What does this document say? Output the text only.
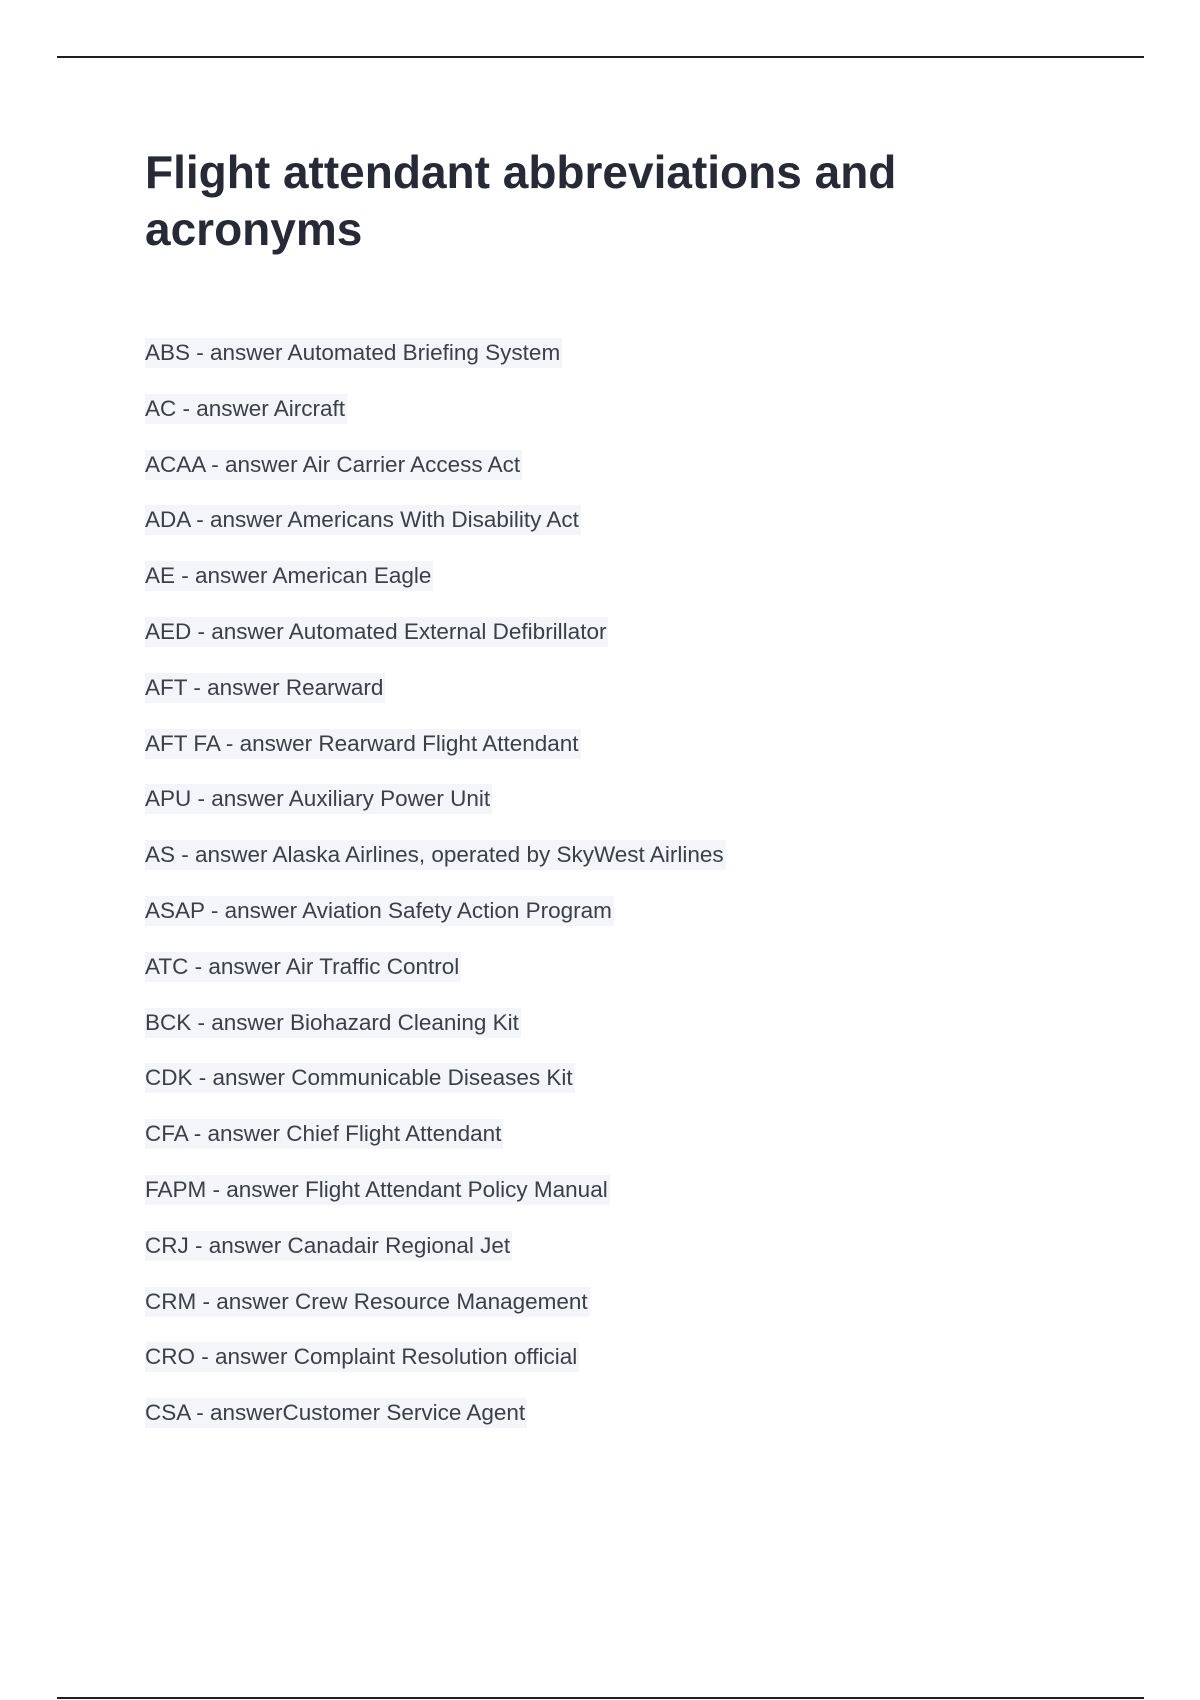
Flight attendant abbreviations and acronyms
ABS - answer Automated Briefing System
AC - answer Aircraft
ACAA - answer Air Carrier Access Act
ADA - answer Americans With Disability Act
AE - answer American Eagle
AED - answer Automated External Defibrillator
AFT - answer Rearward
AFT FA - answer Rearward Flight Attendant
APU - answer Auxiliary Power Unit
AS - answer Alaska Airlines, operated by SkyWest Airlines
ASAP - answer Aviation Safety Action Program
ATC - answer Air Traffic Control
BCK - answer Biohazard Cleaning Kit
CDK - answer Communicable Diseases Kit
CFA - answer Chief Flight Attendant
FAPM - answer Flight Attendant Policy Manual
CRJ - answer Canadair Regional Jet
CRM - answer Crew Resource Management
CRO - answer Complaint Resolution official
CSA - answerCustomer Service Agent
